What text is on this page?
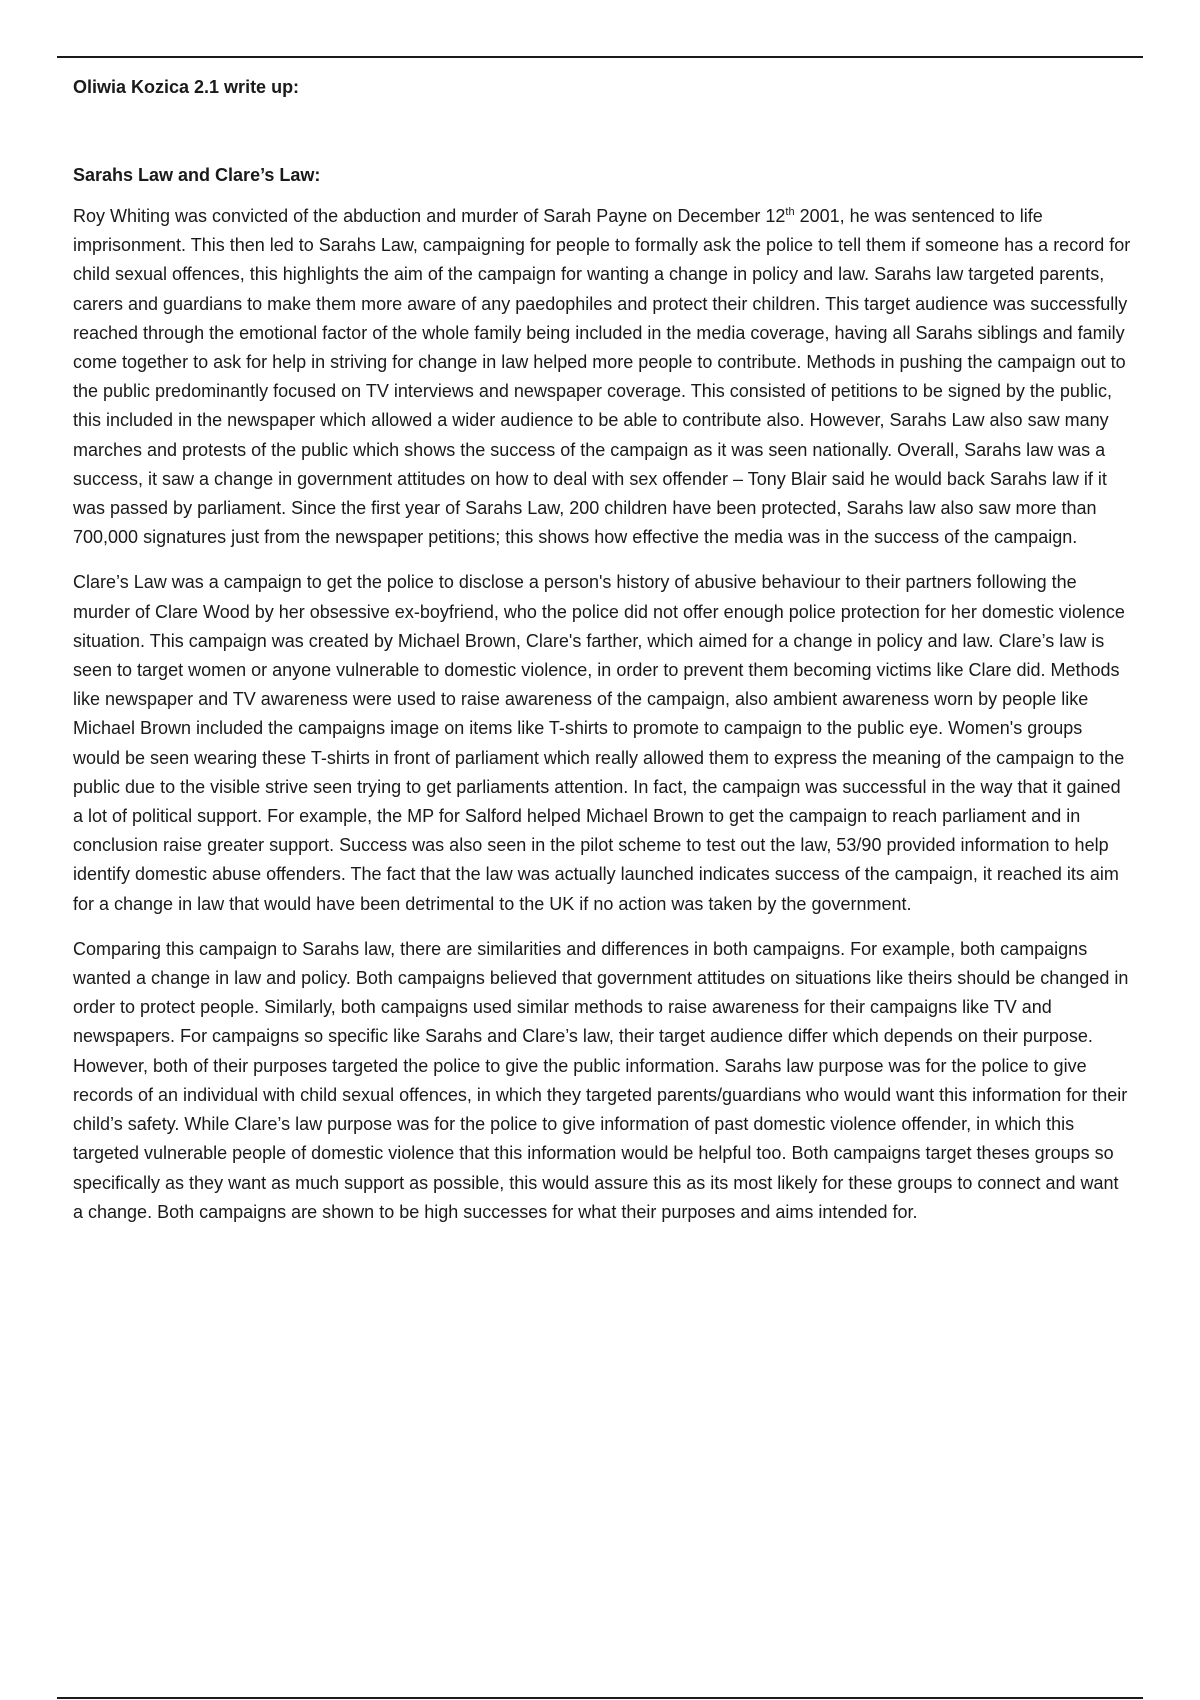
Oliwia Kozica 2.1 write up:

Sarahs Law and Clare’s Law:

Roy Whiting was convicted of the abduction and murder of Sarah Payne on December 12th 2001, he was sentenced to life imprisonment. This then led to Sarahs Law, campaigning for people to formally ask the police to tell them if someone has a record for child sexual offences, this highlights the aim of the campaign for wanting a change in policy and law. Sarahs law targeted parents, carers and guardians to make them more aware of any paedophiles and protect their children. This target audience was successfully reached through the emotional factor of the whole family being included in the media coverage, having all Sarahs siblings and family come together to ask for help in striving for change in law helped more people to contribute. Methods in pushing the campaign out to the public predominantly focused on TV interviews and newspaper coverage. This consisted of petitions to be signed by the public, this included in the newspaper which allowed a wider audience to be able to contribute also. However, Sarahs Law also saw many marches and protests of the public which shows the success of the campaign as it was seen nationally. Overall, Sarahs law was a success, it saw a change in government attitudes on how to deal with sex offender – Tony Blair said he would back Sarahs law if it was passed by parliament. Since the first year of Sarahs Law, 200 children have been protected, Sarahs law also saw more than 700,000 signatures just from the newspaper petitions; this shows how effective the media was in the success of the campaign.

Clare’s Law was a campaign to get the police to disclose a person's history of abusive behaviour to their partners following the murder of Clare Wood by her obsessive ex-boyfriend, who the police did not offer enough police protection for her domestic violence situation. This campaign was created by Michael Brown, Clare's farther, which aimed for a change in policy and law. Clare’s law is seen to target women or anyone vulnerable to domestic violence, in order to prevent them becoming victims like Clare did. Methods like newspaper and TV awareness were used to raise awareness of the campaign, also ambient awareness worn by people like Michael Brown included the campaigns image on items like T-shirts to promote to campaign to the public eye. Women's groups would be seen wearing these T-shirts in front of parliament which really allowed them to express the meaning of the campaign to the public due to the visible strive seen trying to get parliaments attention. In fact, the campaign was successful in the way that it gained a lot of political support. For example, the MP for Salford helped Michael Brown to get the campaign to reach parliament and in conclusion raise greater support. Success was also seen in the pilot scheme to test out the law, 53/90 provided information to help identify domestic abuse offenders. The fact that the law was actually launched indicates success of the campaign, it reached its aim for a change in law that would have been detrimental to the UK if no action was taken by the government.

Comparing this campaign to Sarahs law, there are similarities and differences in both campaigns. For example, both campaigns wanted a change in law and policy. Both campaigns believed that government attitudes on situations like theirs should be changed in order to protect people. Similarly, both campaigns used similar methods to raise awareness for their campaigns like TV and newspapers. For campaigns so specific like Sarahs and Clare’s law, their target audience differ which depends on their purpose. However, both of their purposes targeted the police to give the public information. Sarahs law purpose was for the police to give records of an individual with child sexual offences, in which they targeted parents/guardians who would want this information for their child’s safety. While Clare’s law purpose was for the police to give information of past domestic violence offender, in which this targeted vulnerable people of domestic violence that this information would be helpful too. Both campaigns target theses groups so specifically as they want as much support as possible, this would assure this as its most likely for these groups to connect and want a change. Both campaigns are shown to be high successes for what their purposes and aims intended for.
